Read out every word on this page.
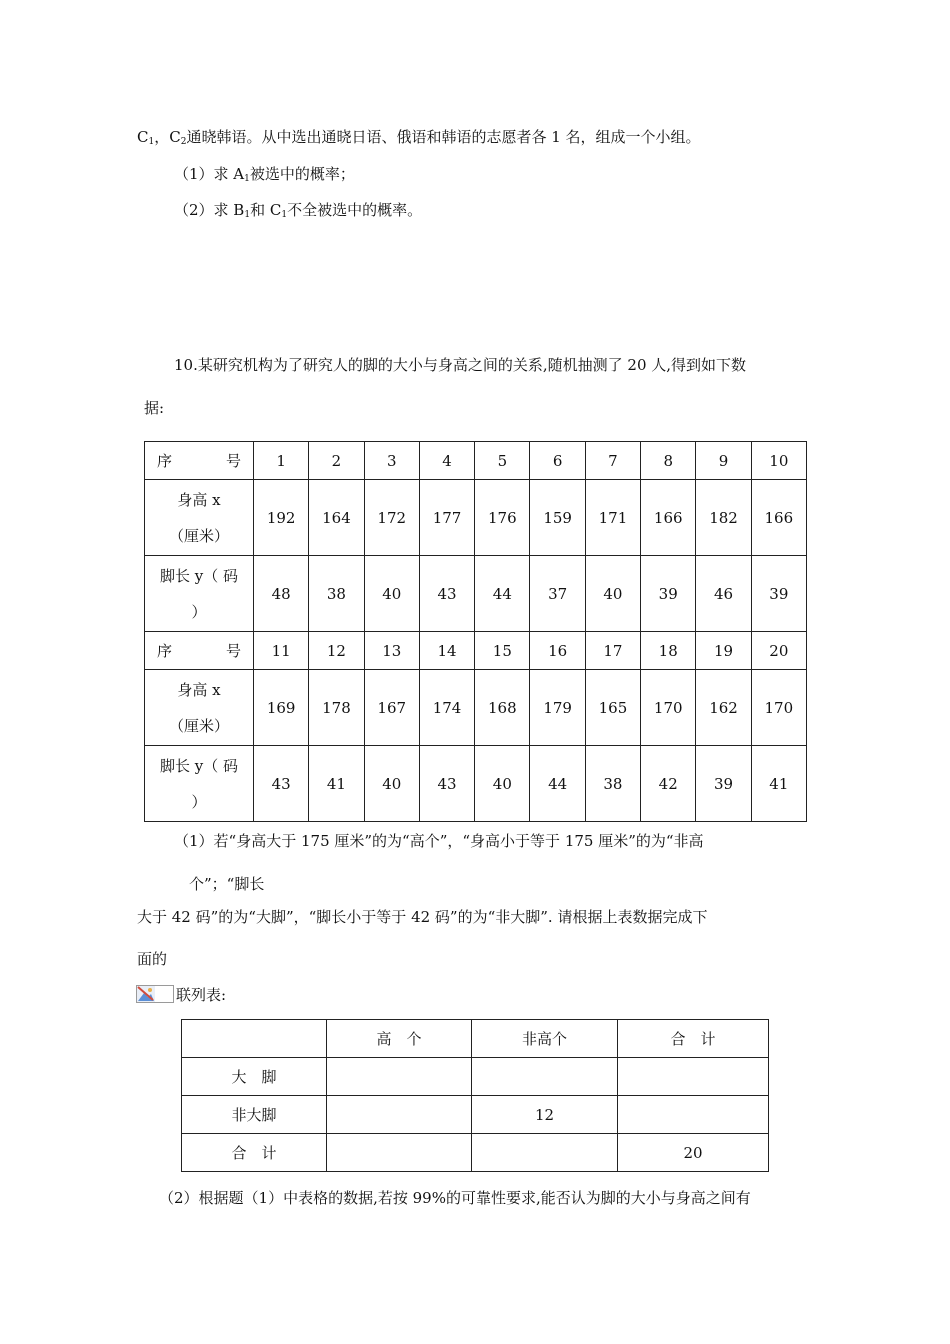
$C_1$，$C_2$通晓韩语。从中选出通晓日语、俄语和韩语的志愿者各 1 名，组成一个小组。
（1）求 $A_1$被选中的概率；
（2）求 $B_1$和 $C_1$不全被选中的概率。
10.某研究机构为了研究人的脚的大小与身高之间的关系,随机抽测了 20 人,得到如下数
据:
序 号	1	2	3	4	5	6	7	8	9	10

身高 x
（厘米）	192	164	172	177	176	159	171	166	182	166

脚长 y（ 码
）	48	38	40	43	44	37	40	39	46	39

序 号	11	12	13	14	15	16	17	18	19	20

身高 x
（厘米）	169	178	167	174	168	179	165	170	162	170

脚长 y（ 码
）	43	41	40	43	40	44	38	42	39	41
（1）若“身高大于 175 厘米”的为“高个”，“身高小于等于 175 厘米”的为“非高
个”；“脚长
大于 42 码”的为“大脚”，“脚长小于等于 42 码”的为“非大脚”. 请根据上表数据完成下
面的
联列表:
	高　个	非高个	合　计
大　脚			
非大脚		12	
合　计			20
（2）根据题（1）中表格的数据,若按 99%的可靠性要求,能否认为脚的大小与身高之间有
